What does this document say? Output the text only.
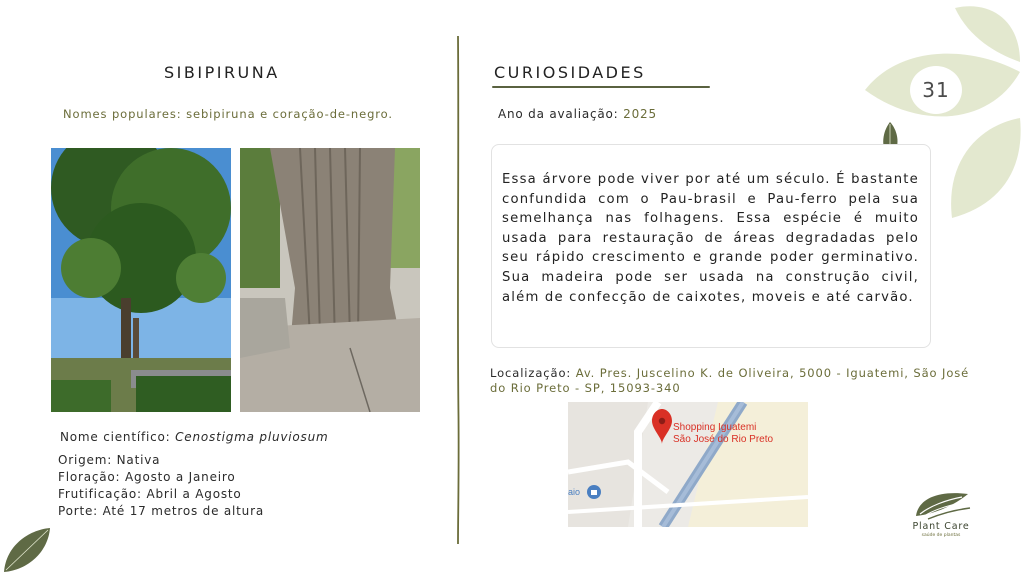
31
SIBIPIRUNA
Nomes populares: sebipiruna e coração-de-negro.
Nome científico: Cenostigma pluviosum
Origem: Nativa
Floração: Agosto a Janeiro
Frutificação: Abril a Agosto
Porte: Até 17 metros de altura
CURIOSIDADES
Ano da avaliação: 2025
Essa árvore pode viver por até um século. É bastante confundida com o Pau-brasil e Pau-ferro pela sua semelhança nas folhagens. Essa espécie é muito usada para restauração de áreas degradadas pelo seu rápido crescimento e grande poder germinativo. Sua madeira pode ser usada na construção civil, além de confecção de caixotes, moveis e até carvão.
Localização: Av. Pres. Juscelino K. de Oliveira, 5000 - Iguatemi, São José do Rio Preto - SP, 15093-340
Shopping Iguatemi
São José do Rio Preto
aio
Plant Care
saúde de plantas
